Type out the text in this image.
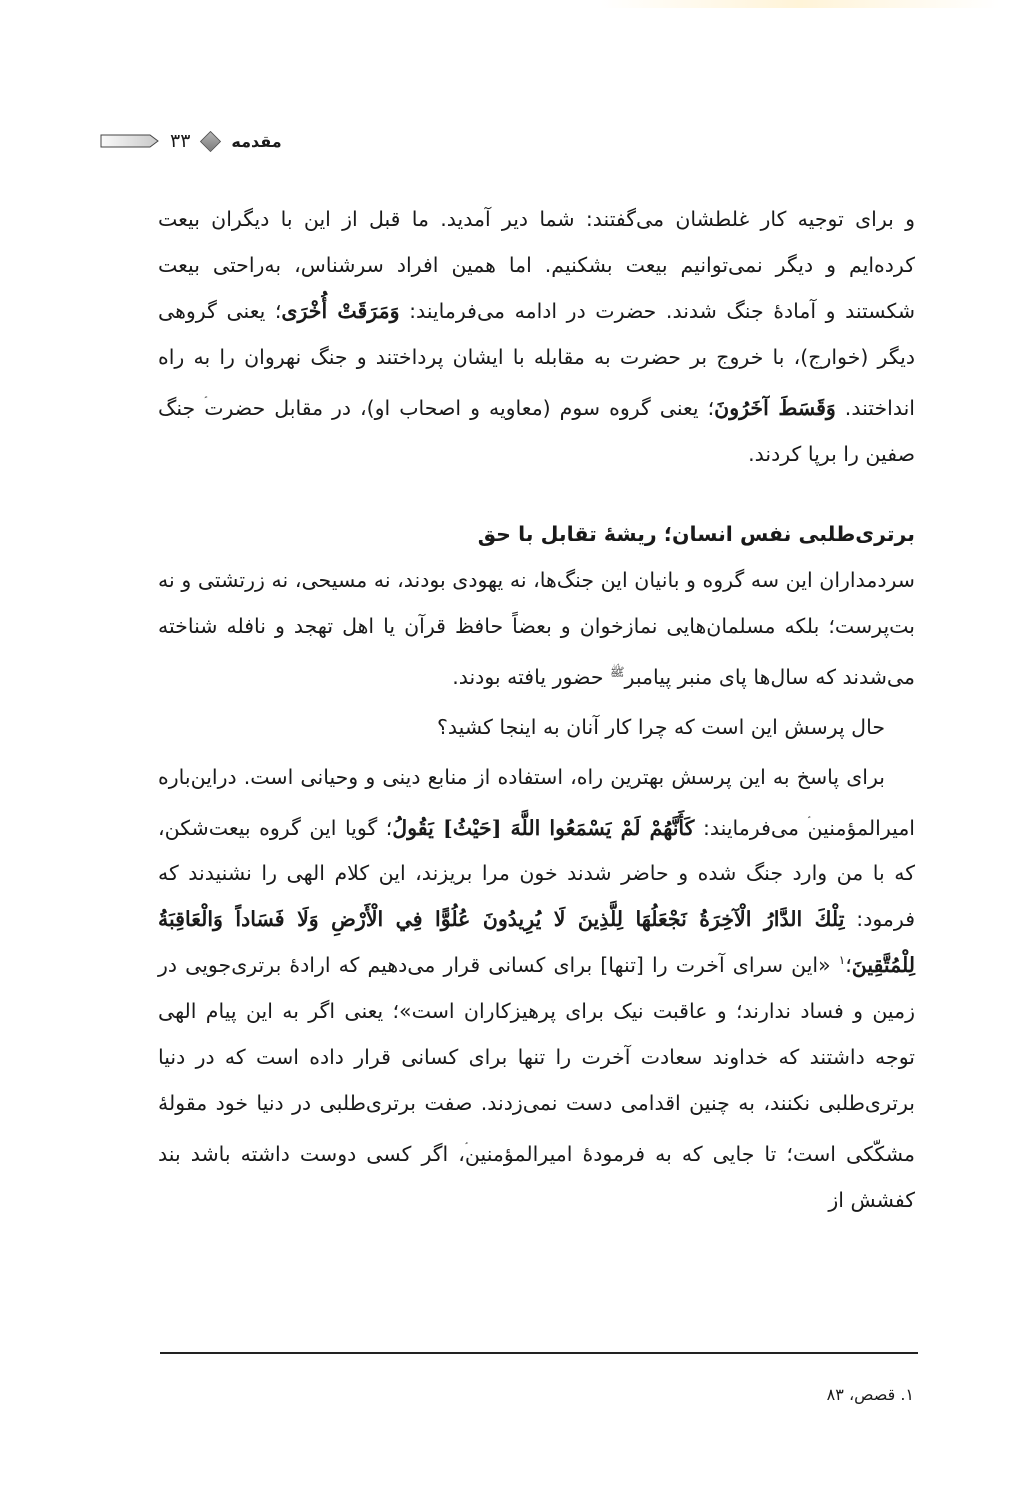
مقدمه
۳۳

و برای توجیه کار غلطشان می‌گفتند: شما دیر آمدید. ما قبل از این با دیگران بیعت کرده‌ایم و دیگر نمی‌توانیم بیعت بشکنیم. اما همین افراد سرشناس، به‌راحتی بیعت شکستند و آمادۀ جنگ شدند. حضرت در ادامه می‌فرمایند: وَمَرَقَتْ أُخْرَى؛ یعنی گروهی دیگر (خوارج)، با خروج بر حضرت به مقابله با ایشان پرداختند و جنگ نهروان را به راه انداختند. وَقَسَطَ آخَرُونَ؛ یعنی گروه سوم (معاویه و اصحاب او)، در مقابل حضرت جنگ صفین را برپا کردند.

برتری‌طلبی نفس انسان؛ ریشۀ تقابل با حق

سردمداران این سه گروه و بانیان این جنگ‌ها، نه یهودی بودند، نه مسیحی، نه زرتشتی و نه بت‌پرست؛ بلکه مسلمان‌هایی نمازخوان و بعضاً حافظ قرآن یا اهل تهجد و نافله شناخته می‌شدند که سال‌ها پای منبر پیامبر$^ﷺ$ حضور یافته بودند.

حال پرسش این است که چرا کار آنان به اینجا کشید؟

برای پاسخ به این پرسش بهترین راه، استفاده از منابع دینی و وحیانی است. دراین‌باره امیرالمؤمنین می‌فرمایند: كَأَنَّهُمْ لَمْ يَسْمَعُوا اللَّهَ [حَيْثُ] يَقُولُ؛ گویا این گروه بیعت‌شکن، که با من وارد جنگ شده و حاضر شدند خون مرا بریزند، این کلام الهی را نشنیدند که فرمود: تِلْكَ الدَّارُ الْآخِرَةُ نَجْعَلُهَا لِلَّذِينَ لَا يُرِيدُونَ عُلُوًّا فِي الْأَرْضِ وَلَا فَسَاداً وَالْعَاقِبَةُ لِلْمُتَّقِينَ؛$^۱$ «این سرای آخرت را [تنها] برای کسانی قرار می‌دهیم که ارادۀ برتری‌جویی در زمین و فساد ندارند؛ و عاقبت نیک برای پرهیزکاران است»؛ یعنی اگر به این پیام الهی توجه داشتند که خداوند سعادت آخرت را تنها برای کسانی قرار داده است که در دنیا برتری‌طلبی نکنند، به چنین اقدامی دست نمی‌زدند. صفت برتری‌طلبی در دنیا خود مقولۀ مشکّکی است؛ تا جایی که به فرمودۀ امیرالمؤمنین، اگر کسی دوست داشته باشد بند کفشش از

۱. قصص، ۸۳
